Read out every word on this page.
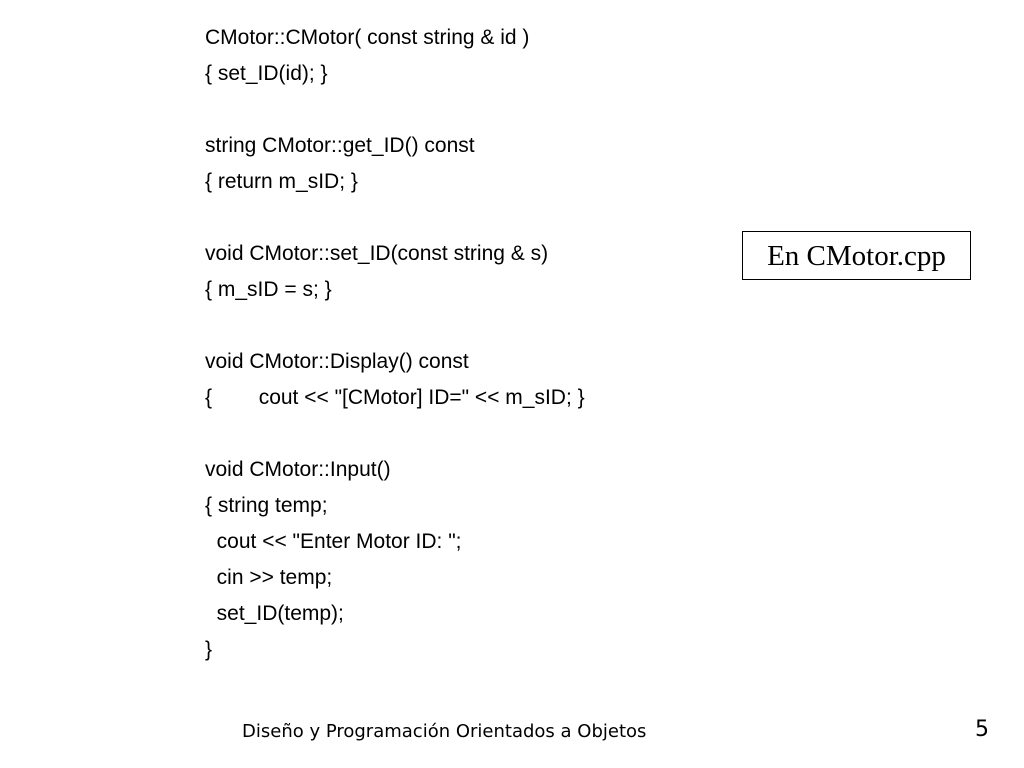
CMotor::CMotor( const string & id )
{ set_ID(id); }
string CMotor::get_ID() const
{ return m_sID; }
void CMotor::set_ID(const string & s)
{ m_sID = s; }
void CMotor::Display() const
{        cout << "[CMotor] ID=" << m_sID; }
void CMotor::Input()
{ string temp;
cout << "Enter Motor ID: ";
cin >> temp;
set_ID(temp);
}
En CMotor.cpp
Diseño y Programación Orientados a Objetos	5
